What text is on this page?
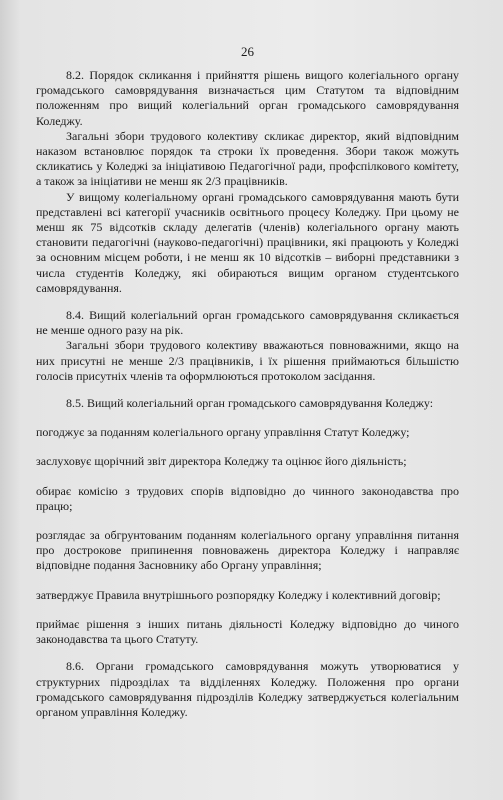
26

8.2. Порядок скликання і прийняття рішень вищого колегіального органу громадського самоврядування визначається цим Статутом та відповідним положенням про вищий колегіальний орган громадського самоврядування Коледжу.

Загальні збори трудового колективу скликає директор, який відповідним наказом встановлює порядок та строки їх проведення. Збори також можуть скликатись у Коледжі за ініціативою Педагогічної ради, профспілкового комітету, а також за ініціативи не менш як 2/3 працівників.

У вищому колегіальному органі громадського самоврядування мають бути представлені всі категорії учасників освітнього процесу Коледжу. При цьому не менш як 75 відсотків складу делегатів (членів) колегіального органу мають становити педагогічні (науково-педагогічні) працівники, які працюють у Коледжі за основним місцем роботи, і не менш як 10 відсотків – виборні представники з числа студентів Коледжу, які обираються вищим органом студентського самоврядування.

8.4. Вищий колегіальний орган громадського самоврядування скликається не менше одного разу на рік.

Загальні збори трудового колективу вважаються повноважними, якщо на них присутні не менше 2/3 працівників, і їх рішення приймаються більшістю голосів присутніх членів та оформлюються протоколом засідання.

8.5. Вищий колегіальний орган громадського самоврядування Коледжу:

погоджує за поданням колегіального органу управління Статут Коледжу;

заслуховує щорічний звіт директора Коледжу та оцінює його діяльність;

обирає комісію з трудових спорів відповідно до чинного законодавства про працю;

розглядає за обгрунтованим поданням колегіального органу управління питання про дострокове припинення повноважень директора Коледжу і направляє відповідне подання Засновнику або Органу управління;

затверджує Правила внутрішнього розпорядку Коледжу і колективний договір;

приймає рішення з інших питань діяльності Коледжу відповідно до чиного законодавства та цього Статуту.

8.6. Органи громадського самоврядування можуть утворюватися у структурних підрозділах та відділеннях Коледжу. Положення про органи громадського самоврядування підрозділів Коледжу затверджується колегіальним органом управління Коледжу.
